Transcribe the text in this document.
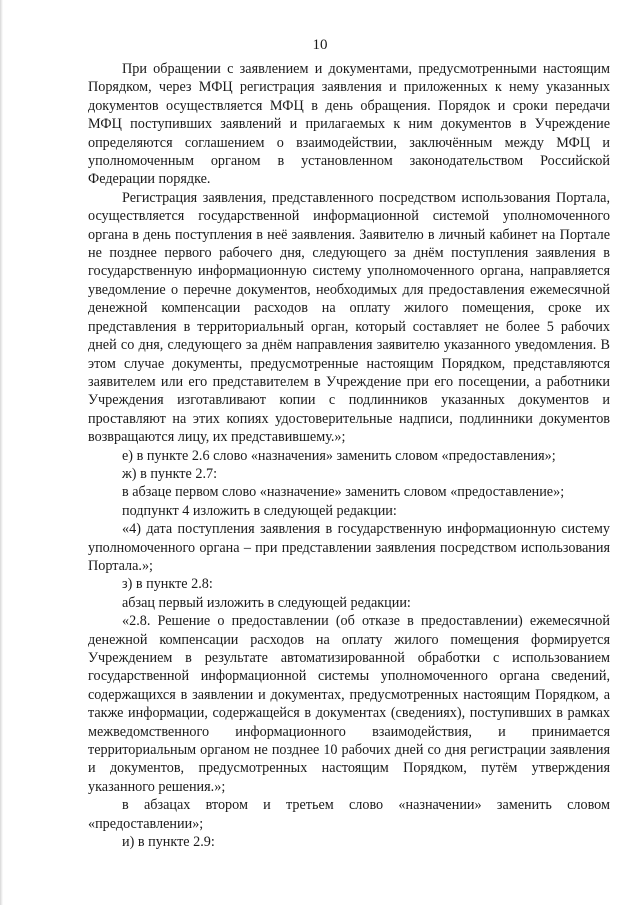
10

При обращении с заявлением и документами, предусмотренными настоящим Порядком, через МФЦ регистрация заявления и приложенных к нему указанных документов осуществляется МФЦ в день обращения. Порядок и сроки передачи МФЦ поступивших заявлений и прилагаемых к ним документов в Учреждение определяются соглашением о взаимодействии, заключённым между МФЦ и уполномоченным органом в установленном законодательством Российской Федерации порядке.

Регистрация заявления, представленного посредством использования Портала, осуществляется государственной информационной системой уполномоченного органа в день поступления в неё заявления. Заявителю в личный кабинет на Портале не позднее первого рабочего дня, следующего за днём поступления заявления в государственную информационную систему уполномоченного органа, направляется уведомление о перечне документов, необходимых для предоставления ежемесячной денежной компенсации расходов на оплату жилого помещения, сроке их представления в территориальный орган, который составляет не более 5 рабочих дней со дня, следующего за днём направления заявителю указанного уведомления. В этом случае документы, предусмотренные настоящим Порядком, представляются заявителем или его представителем в Учреждение при его посещении, а работники Учреждения изготавливают копии с подлинников указанных документов и проставляют на этих копиях удостоверительные надписи, подлинники документов возвращаются лицу, их представившему.»;

е) в пункте 2.6 слово «назначения» заменить словом «предоставления»;

ж) в пункте 2.7:

в абзаце первом слово «назначение» заменить словом «предоставление»;

подпункт 4 изложить в следующей редакции:

«4) дата поступления заявления в государственную информационную систему уполномоченного органа – при представлении заявления посредством использования Портала.»;

з) в пункте 2.8:

абзац первый изложить в следующей редакции:

«2.8. Решение о предоставлении (об отказе в предоставлении) ежемесячной денежной компенсации расходов на оплату жилого помещения формируется Учреждением в результате автоматизированной обработки с использованием государственной информационной системы уполномоченного органа сведений, содержащихся в заявлении и документах, предусмотренных настоящим Порядком, а также информации, содержащейся в документах (сведениях), поступивших в рамках межведомственного информационного взаимодействия, и принимается территориальным органом не позднее 10 рабочих дней со дня регистрации заявления и документов, предусмотренных настоящим Порядком, путём утверждения указанного решения.»;

в абзацах втором и третьем слово «назначении» заменить словом «предоставлении»;

и) в пункте 2.9:
